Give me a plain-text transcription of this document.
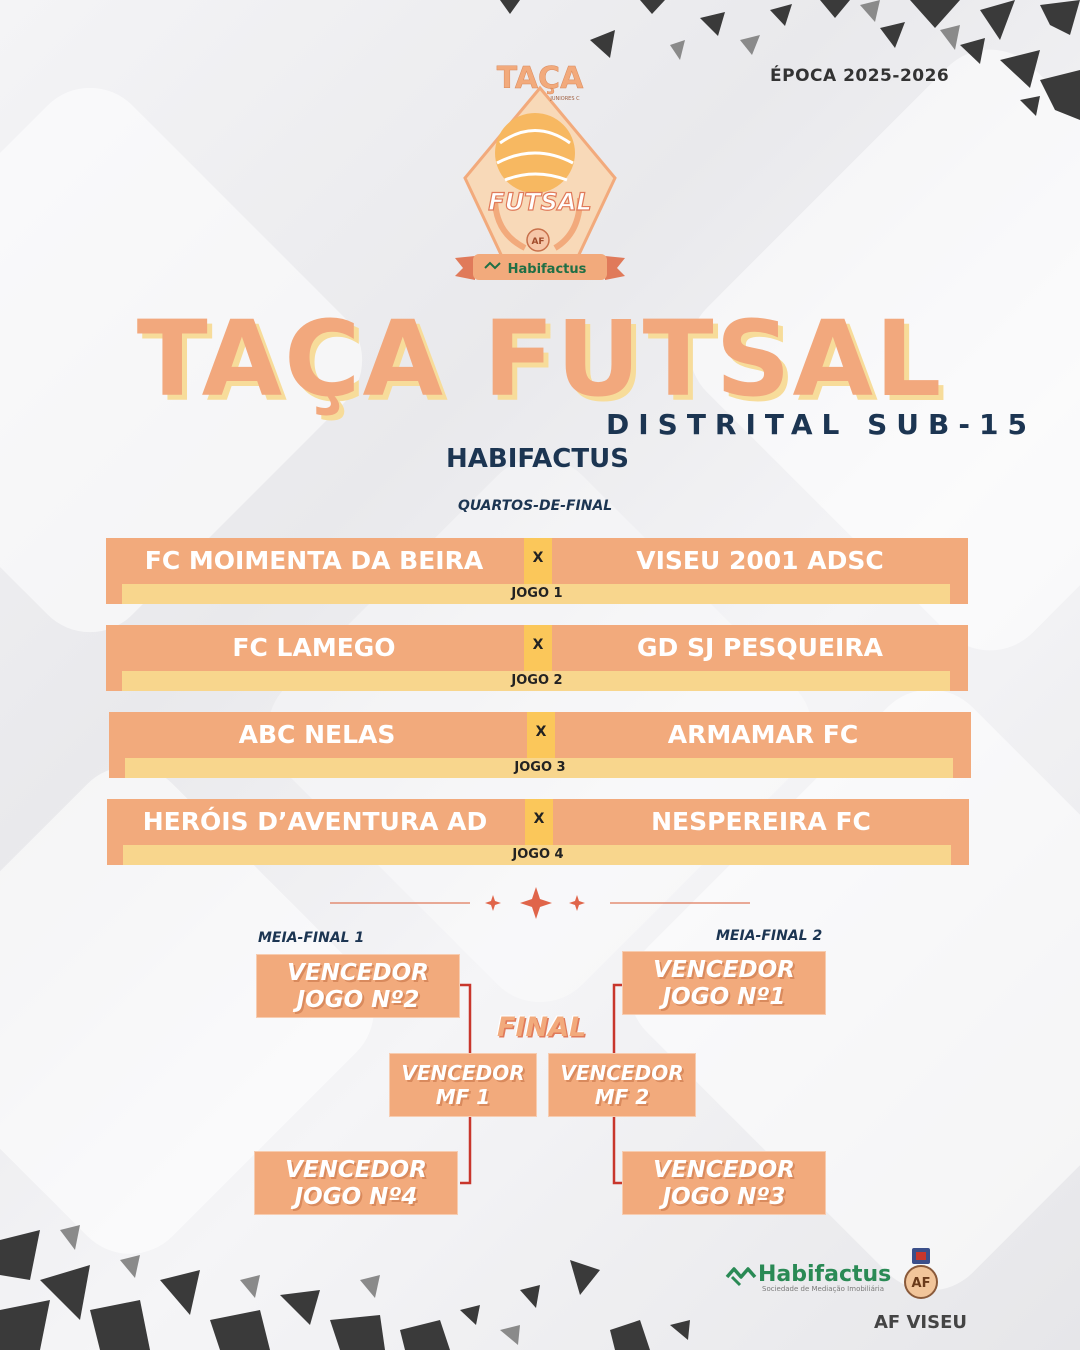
ÉPOCA 2025-2026
TAÇA
JUNIORES C
FUTSAL
AF
Habifactus
TAÇA FUTSAL
DISTRITAL SUB-15
HABIFACTUS
QUARTOS-DE-FINAL
FC MOIMENTA DA BEIRA	X	VISEU 2001 ADSC
JOGO 1
FC LAMEGO	X	GD SJ PESQUEIRA
JOGO 2
ABC NELAS	X	ARMAMAR FC
JOGO 3
HERÓIS D’AVENTURA AD	X	NESPEREIRA FC
JOGO 4
MEIA-FINAL 1	MEIA-FINAL 2
VENCEDOR
JOGO Nº2
VENCEDOR
JOGO Nº1
FINAL
VENCEDOR
MF 1
VENCEDOR
MF 2
VENCEDOR
JOGO Nº4
VENCEDOR
JOGO Nº3
Habifactus
Sociedade de Mediação Imobiliária	AF
AF VISEU
